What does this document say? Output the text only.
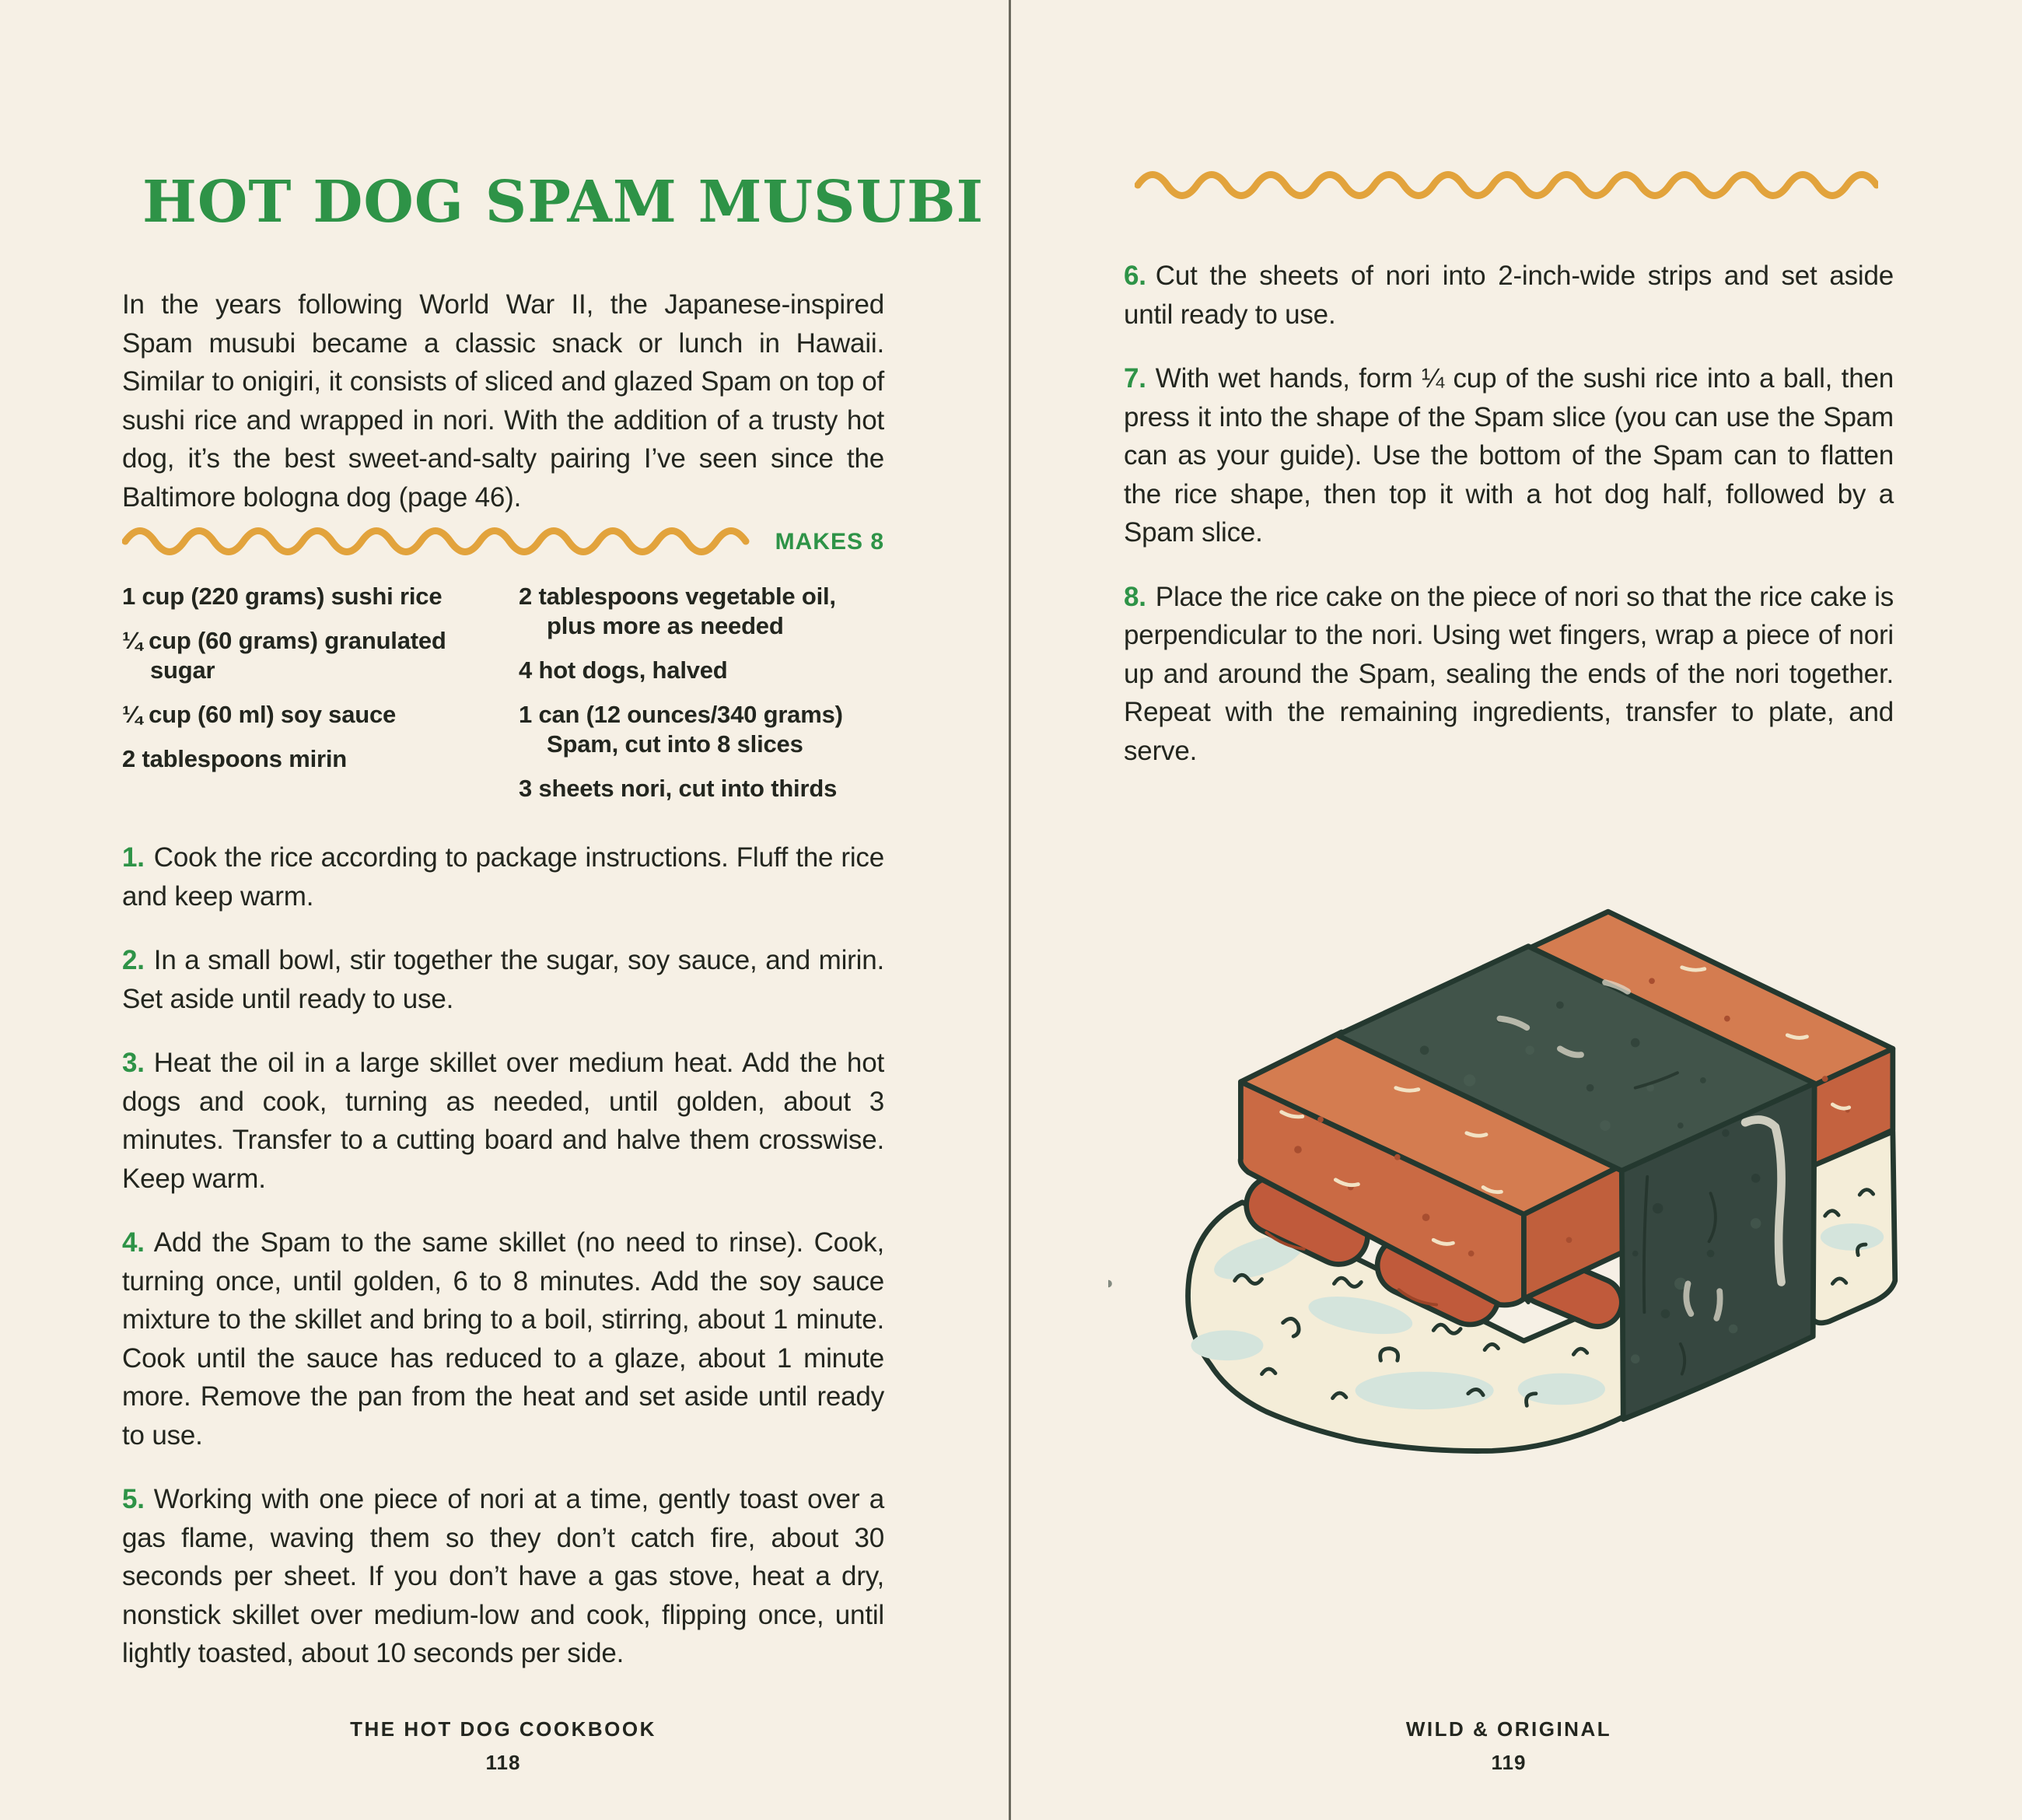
HOT DOG SPAM MUSUBI

In the years following World War II, the Japanese-inspired Spam musubi became a classic snack or lunch in Hawaii. Similar to onigiri, it consists of sliced and glazed Spam on top of sushi rice and wrapped in nori. With the addition of a trusty hot dog, it’s the best sweet-and-salty pairing I’ve seen since the Baltimore bologna dog (page 46).

MAKES 8
1 cup (220 grams) sushi rice
¼ cup (60 grams) granulated sugar
¼ cup (60 ml) soy sauce
2 tablespoons mirin
2 tablespoons vegetable oil, plus more as needed
4 hot dogs, halved
1 can (12 ounces/340 grams) Spam, cut into 8 slices
3 sheets nori, cut into thirds

1. Cook the rice according to package instructions. Fluff the rice and keep warm.

2. In a small bowl, stir together the sugar, soy sauce, and mirin. Set aside until ready to use.

3. Heat the oil in a large skillet over medium heat. Add the hot dogs and cook, turning as needed, until golden, about 3 minutes. Transfer to a cutting board and halve them crosswise. Keep warm.

4. Add the Spam to the same skillet (no need to rinse). Cook, turning once, until golden, 6 to 8 minutes. Add the soy sauce mixture to the skillet and bring to a boil, stirring, about 1 minute. Cook until the sauce has reduced to a glaze, about 1 minute more. Remove the pan from the heat and set aside until ready to use.

5. Working with one piece of nori at a time, gently toast over a gas flame, waving them so they don’t catch fire, about 30 seconds per sheet. If you don’t have a gas stove, heat a dry, nonstick skillet over medium-low and cook, flipping once, until lightly toasted, about 10 seconds per side.

THE HOT DOG COOKBOOK
118

6. Cut the sheets of nori into 2-inch-wide strips and set aside until ready to use.

7. With wet hands, form ¼ cup of the sushi rice into a ball, then press it into the shape of the Spam slice (you can use the Spam can as your guide). Use the bottom of the Spam can to flatten the rice shape, then top it with a hot dog half, followed by a Spam slice.

8. Place the rice cake on the piece of nori so that the rice cake is perpendicular to the nori. Using wet fingers, wrap a piece of nori up and around the Spam, sealing the ends of the nori together. Repeat with the remaining ingredients, transfer to plate, and serve.

WILD & ORIGINAL
119
